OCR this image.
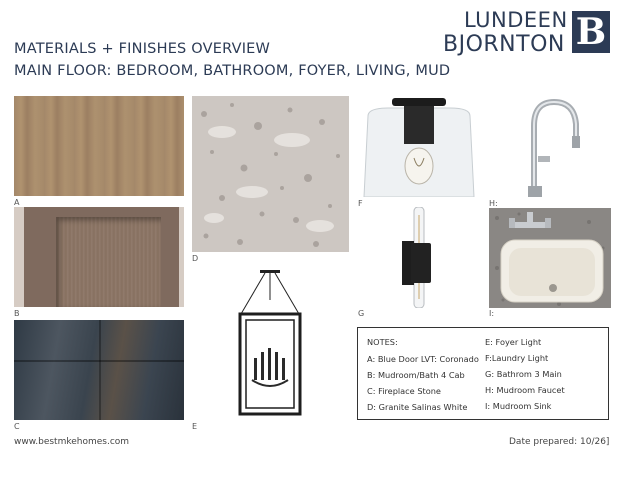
MATERIALS + FINISHES OVERVIEW
MAIN FLOOR: BEDROOM, BATHROOM, FOYER, LIVING, MUD
LUNDEEN
BJORNTON B
A
B
C
D
E
F
G
H:
I:
NOTES:
A: Blue Door LVT: Coronado
B: Mudroom/Bath 4 Cab
C: Fireplace Stone
D: Granite Salinas White
E: Foyer Light
F:Laundry Light
G: Bathrom 3 Main
H: Mudroom Faucet
I: Mudroom Sink
www.bestmkehomes.com	Date prepared: 10/26]
